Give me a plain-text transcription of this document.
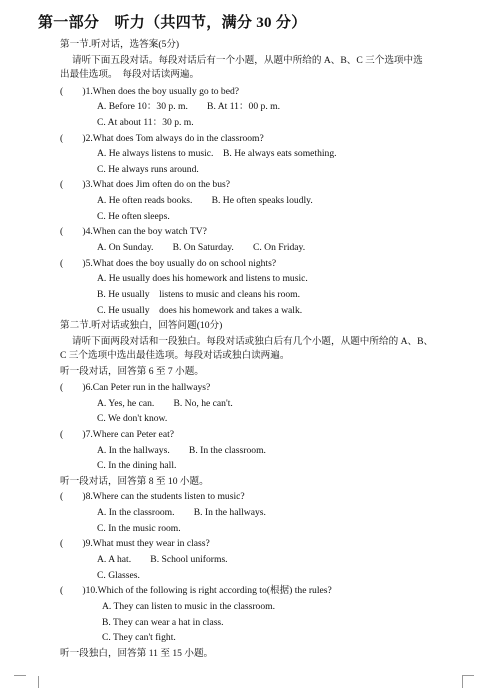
第一部分　听力（共四节，满分 30 分）
第一节.听对话，选答案(5分)
请听下面五段对话。每段对话后有一个小题，从题中所给的 A、B、C 三个选项中选
出最佳选项。　每段对话读两遍。
(　　)1.When does the boy usually go to bed?
A. Before 10：30 p. m.　　B. At 11：00 p. m.
C. At about 11：30 p. m.
(　　)2.What does Tom always do in the classroom?
A. He always listens to music.　B. He always eats something.
C. He always runs around.
(　　)3.What does Jim often do on the bus?
A. He often reads books.　　B. He often speaks loudly.
C. He often sleeps.
(　　)4.When can the boy watch TV?
A. On Sunday.　　B. On Saturday.　　C. On Friday.
(　　)5.What does the boy usually do on school nights?
A. He usually does his homework and listens to music.
B. He usually　listens to music and cleans his room.
C. He usually　does his homework and takes a walk.
第二节.听对话或独白，回答问题(10分)
请听下面两段对话和一段独白。每段对话或独白后有几个小题，从题中所给的 A、B、
C 三个选项中选出最佳选项。每段对话或独白读两遍。
听一段对话，回答第 6 至 7 小题。
(　　)6.Can Peter run in the hallways?
A. Yes, he can.　　B. No, he can't.
C. We don't know.
(　　)7.Where can Peter eat?
A. In the hallways.　　B. In the classroom.
C. In the dining hall.
听一段对话，回答第 8 至 10 小题。
(　　)8.Where can the students listen to music?
A. In the classroom.　　B. In the hallways.
C. In the music room.
(　　)9.What must they wear in class?
A. A hat.　　B. School uniforms.
C. Glasses.
(　　)10.Which of the following is right according to(根据) the rules?
A. They can listen to music in the classroom.
B. They can wear a hat in class.
C. They can't fight.
听一段独白，回答第 11 至 15 小题。
